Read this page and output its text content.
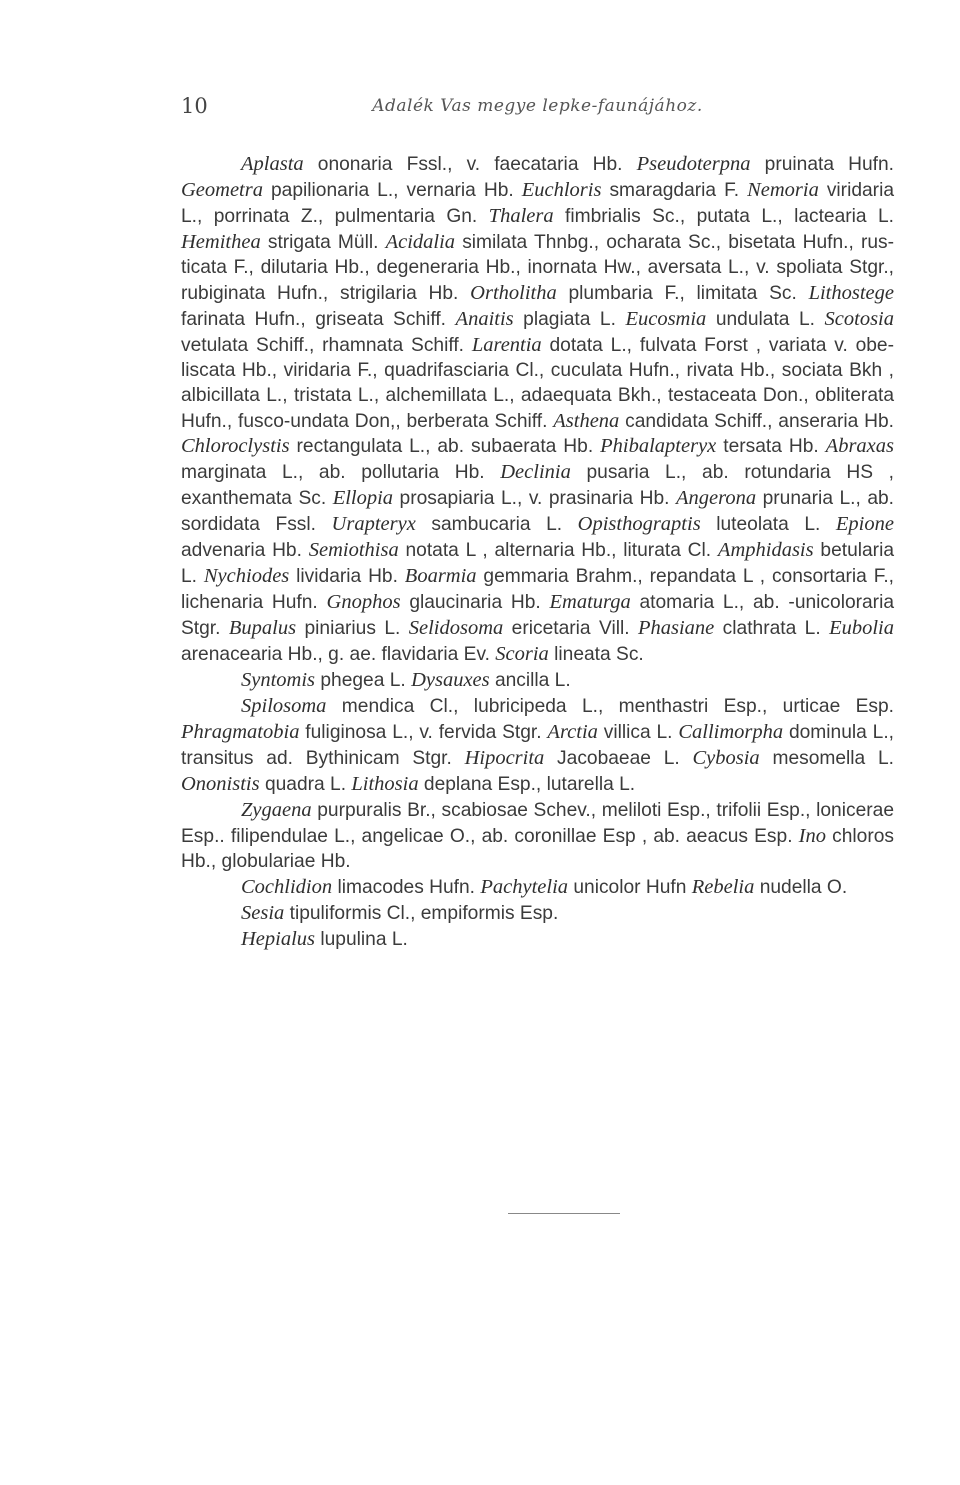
10	Adalék Vas megye lepke-faunájához.

Aplasta ononaria Fssl., v. faecataria Hb. Pseudoterpna pruinata Hufn. Geometra papilionaria L., vernaria Hb. Euchloris smaragdaria F. Nemoria viridaria L., porrinata Z., pulmentaria Gn. Thalera fimbrialis Sc., putata L., lactearia L. Hemithea strigata Müll. Acidalia similata Thnbg., ocharata Sc., bisetata Hufn., rusticata F., dilutaria Hb., degeneraria Hb., inornata Hw., aversata L., v. spoliata Stgr., rubiginata Hufn., strigilaria Hb. Ortholitha plumbaria F., limitata Sc. Lithostege farinata Hufn., griseata Schiff. Anaitis plagiata L. Eucosmia undulata L. Scotosia vetulata Schiff., rhamnata Schiff. Larentia dotata L., fulvata Forst , variata v. obeliscata Hb., viridaria F., quadrifasciaria Cl., cuculata Hufn., rivata Hb., sociata Bkh , albicillata L., tristata L., alchemillata L., adaequata Bkh., testaceata Don., obliterata Hufn., fusco-undata Don,, berberata Schiff. Asthena candidata Schiff., anseraria Hb. Chloroclystis rectangulata L., ab. subaerata Hb. Phibalapteryx tersata Hb. Abraxas marginata L., ab. pollutaria Hb. Declinia pusaria L., ab. rotundaria HS , exanthemata Sc. Ellopia prosapiaria L., v. prasinaria Hb. Angerona prunaria L., ab. sordidata Fssl. Urapteryx sambucaria L. Opisthograptis luteolata L. Epione advenaria Hb. Semiothisa notata L , alternaria Hb., liturata Cl. Amphidasis betularia L. Nychiodes lividaria Hb. Boarmia gemmaria Brahm., repandata L , consortaria F., lichenaria Hufn. Gnophos glaucinaria Hb. Ematurga atomaria L., ab. -unicoloraria Stgr. Bupalus piniarius L. Selidosoma ericetaria Vill. Phasiane clathrata L. Eubolia arenacearia Hb., g. ae. flavidaria Ev. Scoria lineata Sc.

Syntomis phegea L. Dysauxes ancilla L.

Spilosoma mendica Cl., lubricipeda L., menthastri Esp., urticae Esp. Phragmatobia fuliginosa L., v. fervida Stgr. Arctia villica L. Callimorpha dominula L., transitus ad. Bythinicam Stgr. Hipocrita Jacobaeae L. Cybosia mesomella L. Ononistis quadra L. Lithosia deplana Esp., lutarella L.

Zygaena purpuralis Br., scabiosae Schev., meliloti Esp., trifolii Esp., lonicerae Esp.. filipendulae L., angelicae O., ab. coronillae Esp , ab. aeacus Esp. Ino chloros Hb., globulariae Hb.

Cochlidion limacodes Hufn. Pachytelia unicolor Hufn Rebelia nudella O.

Sesia tipuliformis Cl., empiformis Esp.

Hepialus lupulina L.
